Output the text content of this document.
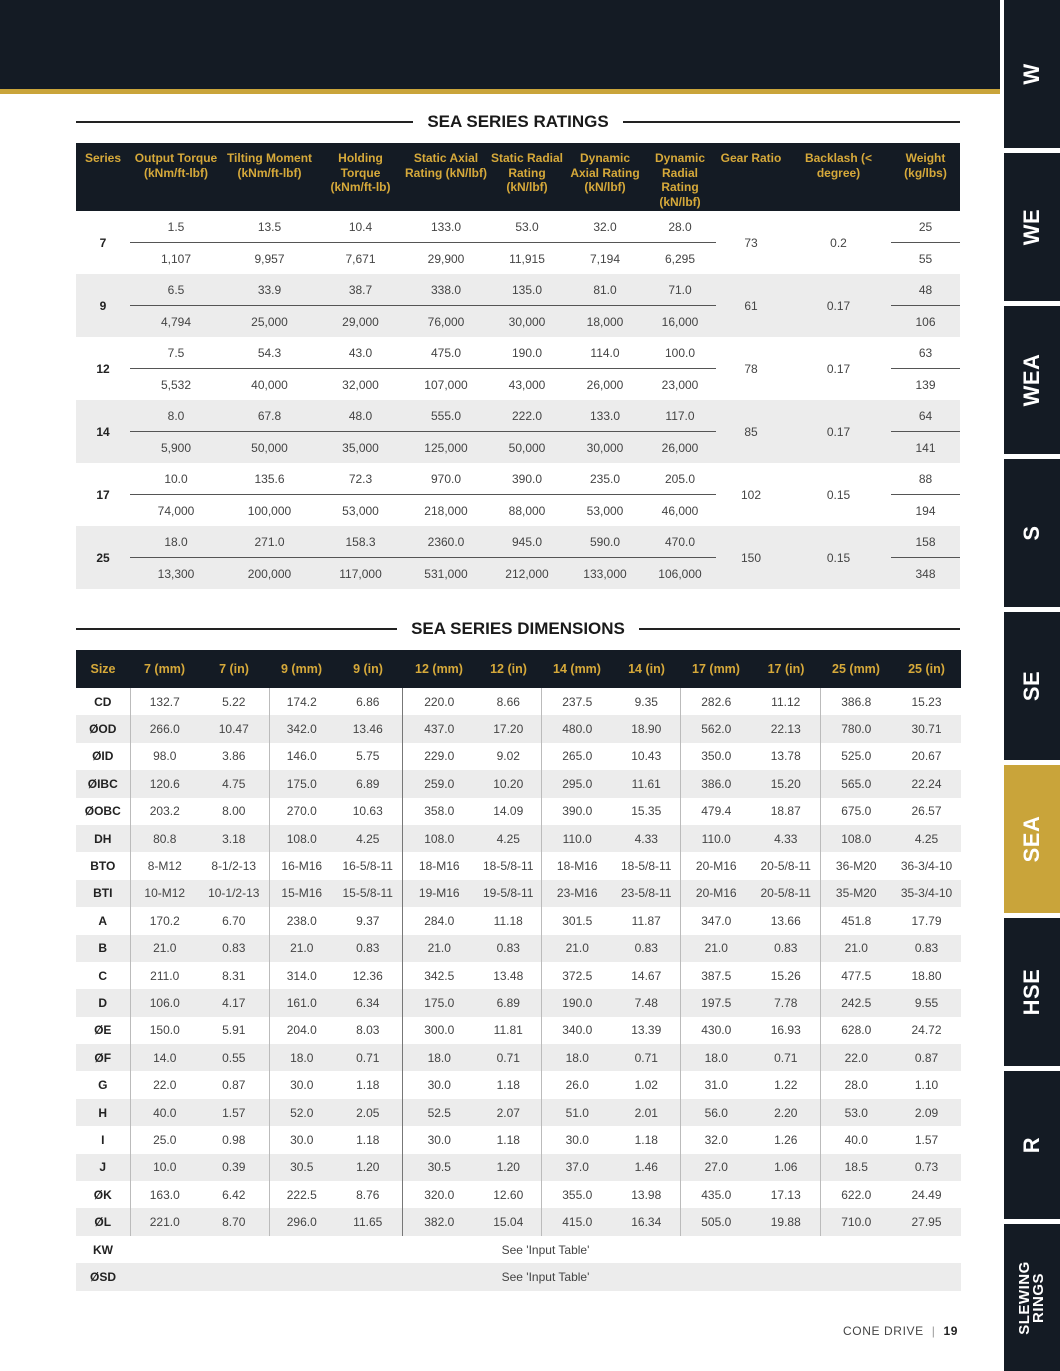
W
WE
WEA
S
SE
SEA
HSE
R
SLEWING RINGS
SEA SERIES RATINGS
Series	Output Torque (kNm/ft-lbf)	Tilting Moment (kNm/ft-lbf)	Holding Torque (kNm/ft-lb)	Static Axial Rating (kN/lbf)	Static Radial Rating (kN/lbf)	Dynamic Axial Rating (kN/lbf)	Dynamic Radial Rating (kN/lbf)	Gear Ratio	Backlash (< degree)	Weight (kg/lbs)
7	1.5	13.5	10.4	133.0	53.0	32.0	28.0	73	0.2	25
	1,107	9,957	7,671	29,900	11,915	7,194	6,295			55
9	6.5	33.9	38.7	338.0	135.0	81.0	71.0	61	0.17	48
	4,794	25,000	29,000	76,000	30,000	18,000	16,000			106
12	7.5	54.3	43.0	475.0	190.0	114.0	100.0	78	0.17	63
	5,532	40,000	32,000	107,000	43,000	26,000	23,000			139
14	8.0	67.8	48.0	555.0	222.0	133.0	117.0	85	0.17	64
	5,900	50,000	35,000	125,000	50,000	30,000	26,000			141
17	10.0	135.6	72.3	970.0	390.0	235.0	205.0	102	0.15	88
	74,000	100,000	53,000	218,000	88,000	53,000	46,000			194
25	18.0	271.0	158.3	2360.0	945.0	590.0	470.0	150	0.15	158
	13,300	200,000	117,000	531,000	212,000	133,000	106,000			348
SEA SERIES DIMENSIONS
Size	7 (mm)	7 (in)	9 (mm)	9 (in)	12 (mm)	12 (in)	14 (mm)	14 (in)	17 (mm)	17 (in)	25 (mm)	25 (in)
CD	132.7	5.22	174.2	6.86	220.0	8.66	237.5	9.35	282.6	11.12	386.8	15.23
ØOD	266.0	10.47	342.0	13.46	437.0	17.20	480.0	18.90	562.0	22.13	780.0	30.71
ØID	98.0	3.86	146.0	5.75	229.0	9.02	265.0	10.43	350.0	13.78	525.0	20.67
ØIBC	120.6	4.75	175.0	6.89	259.0	10.20	295.0	11.61	386.0	15.20	565.0	22.24
ØOBC	203.2	8.00	270.0	10.63	358.0	14.09	390.0	15.35	479.4	18.87	675.0	26.57
DH	80.8	3.18	108.0	4.25	108.0	4.25	110.0	4.33	110.0	4.33	108.0	4.25
BTO	8-M12	8-1/2-13	16-M16	16-5/8-11	18-M16	18-5/8-11	18-M16	18-5/8-11	20-M16	20-5/8-11	36-M20	36-3/4-10
BTI	10-M12	10-1/2-13	15-M16	15-5/8-11	19-M16	19-5/8-11	23-M16	23-5/8-11	20-M16	20-5/8-11	35-M20	35-3/4-10
A	170.2	6.70	238.0	9.37	284.0	11.18	301.5	11.87	347.0	13.66	451.8	17.79
B	21.0	0.83	21.0	0.83	21.0	0.83	21.0	0.83	21.0	0.83	21.0	0.83
C	211.0	8.31	314.0	12.36	342.5	13.48	372.5	14.67	387.5	15.26	477.5	18.80
D	106.0	4.17	161.0	6.34	175.0	6.89	190.0	7.48	197.5	7.78	242.5	9.55
ØE	150.0	5.91	204.0	8.03	300.0	11.81	340.0	13.39	430.0	16.93	628.0	24.72
ØF	14.0	0.55	18.0	0.71	18.0	0.71	18.0	0.71	18.0	0.71	22.0	0.87
G	22.0	0.87	30.0	1.18	30.0	1.18	26.0	1.02	31.0	1.22	28.0	1.10
H	40.0	1.57	52.0	2.05	52.5	2.07	51.0	2.01	56.0	2.20	53.0	2.09
I	25.0	0.98	30.0	1.18	30.0	1.18	30.0	1.18	32.0	1.26	40.0	1.57
J	10.0	0.39	30.5	1.20	30.5	1.20	37.0	1.46	27.0	1.06	18.5	0.73
ØK	163.0	6.42	222.5	8.76	320.0	12.60	355.0	13.98	435.0	17.13	622.0	24.49
ØL	221.0	8.70	296.0	11.65	382.0	15.04	415.0	16.34	505.0	19.88	710.0	27.95
KW	See 'Input Table'											
ØSD	See 'Input Table'											
CONE DRIVE | 19
